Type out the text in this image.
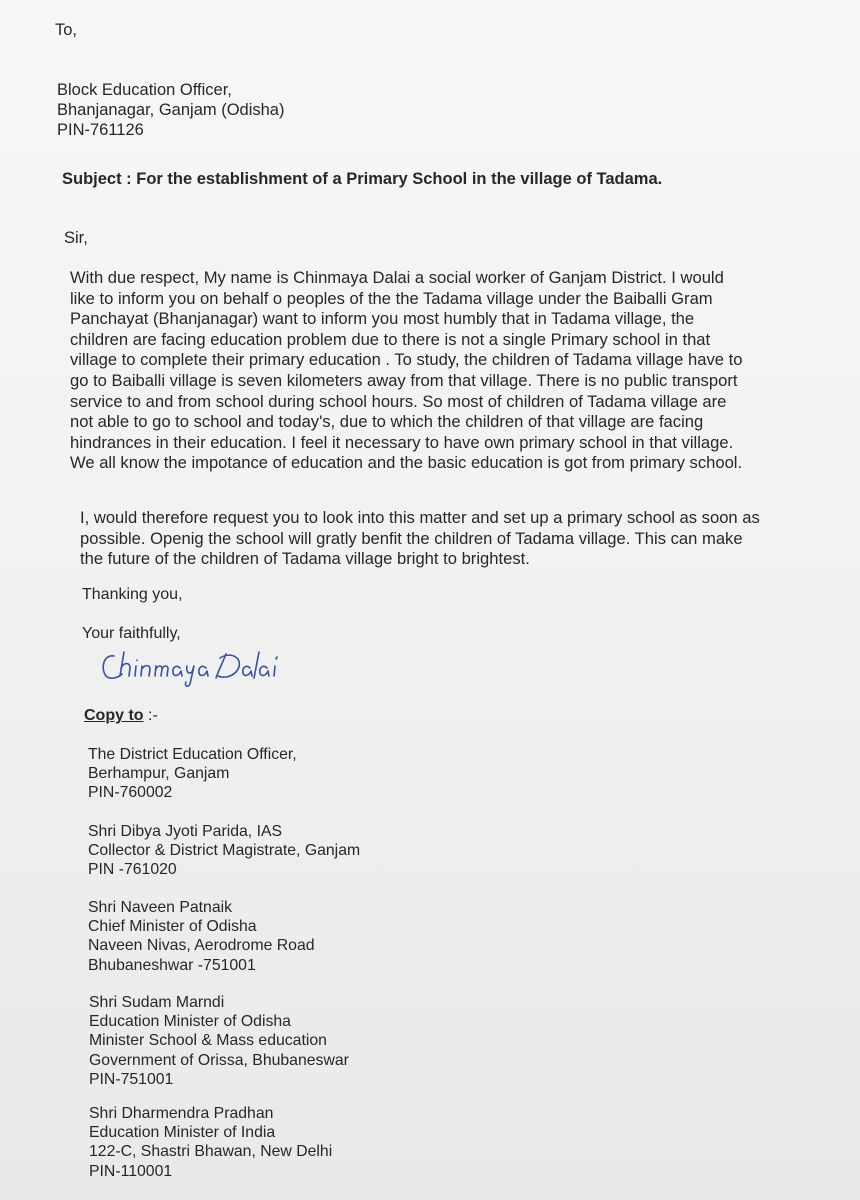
To,
Block Education Officer,
Bhanjanagar, Ganjam (Odisha)
PIN-761126
Subject : For the establishment of a Primary School in the village of Tadama.
Sir,
With due respect, My name is Chinmaya Dalai a social worker of Ganjam District. I would
like to inform you on behalf o peoples of the the Tadama village under the Baiballi Gram
Panchayat (Bhanjanagar) want to inform you most humbly that in Tadama village, the
children are facing education problem due to there is not a single Primary school in that
village to complete their primary education . To study, the children of Tadama village have to
go to Baiballi village is seven kilometers away from that village. There is no public transport
service to and from school during school hours. So most of children of Tadama village are
not able to go to school and today's, due to which the children of that village are facing
hindrances in their education. I feel it necessary to have own primary school in that village.
We all know the impotance of education and the basic education is got from primary school.
I, would therefore request you to look into this matter and set up a primary school as soon as
possible. Openig the school will gratly benfit the children of Tadama village. This can make
the future of the children of Tadama village bright to brightest.
Thanking you,
Your faithfully,
Copy to :-
The District Education Officer,
Berhampur, Ganjam
PIN-760002
Shri Dibya Jyoti Parida, IAS
Collector & District Magistrate, Ganjam
PIN -761020
Shri Naveen Patnaik
Chief Minister of Odisha
Naveen Nivas, Aerodrome Road
Bhubaneshwar -751001
Shri Sudam Marndi
Education Minister of Odisha
Minister School & Mass education
Government of Orissa, Bhubaneswar
PIN-751001
Shri Dharmendra Pradhan
Education Minister of India
122-C, Shastri Bhawan, New Delhi
PIN-110001
